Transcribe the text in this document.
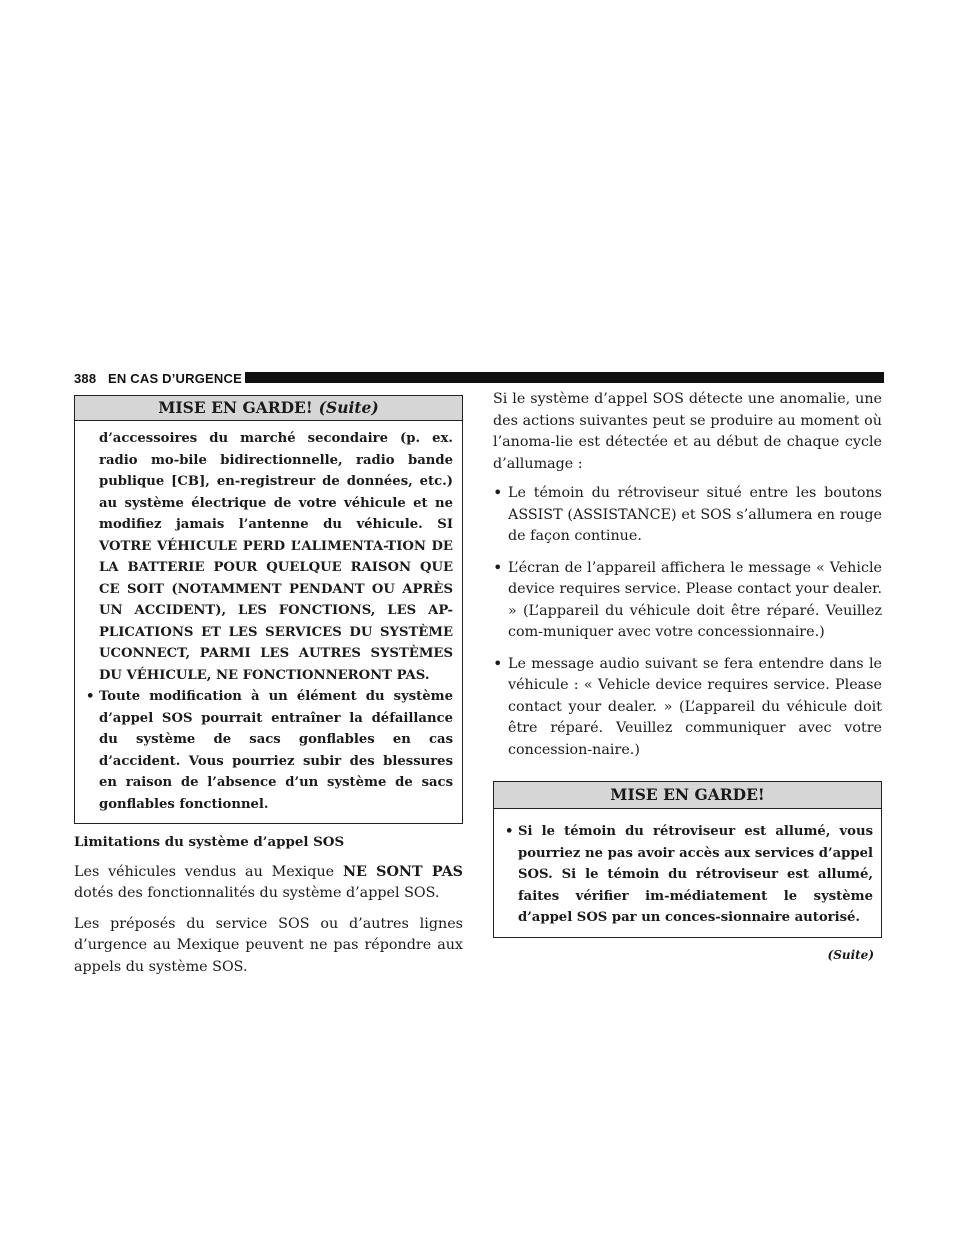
388 EN CAS D’URGENCE
MISE EN GARDE! (Suite)
d’accessoires du marché secondaire (p. ex. radio mo-bile bidirectionnelle, radio bande publique [CB], en-registreur de données, etc.) au système électrique de votre véhicule et ne modifiez jamais l’antenne du véhicule. SI VOTRE VÉHICULE PERD L’ALIMENTA-TION DE LA BATTERIE POUR QUELQUE RAISON QUE CE SOIT (NOTAMMENT PENDANT OU APRÈS UN ACCIDENT), LES FONCTIONS, LES AP-PLICATIONS ET LES SERVICES DU SYSTÈME UCONNECT, PARMI LES AUTRES SYSTÈMES DU VÉHICULE, NE FONCTIONNERONT PAS.
• Toute modification à un élément du système d’appel SOS pourrait entraîner la défaillance du système de sacs gonflables en cas d’accident. Vous pourriez subir des blessures en raison de l’absence d’un système de sacs gonflables fonctionnel.
Limitations du système d’appel SOS

Les véhicules vendus au Mexique NE SONT PAS dotés des fonctionnalités du système d’appel SOS.

Les préposés du service SOS ou d’autres lignes d’urgence au Mexique peuvent ne pas répondre aux appels du système SOS.

Si le système d’appel SOS détecte une anomalie, une des actions suivantes peut se produire au moment où l’anoma-lie est détectée et au début de chaque cycle d’allumage :

• Le témoin du rétroviseur situé entre les boutons ASSIST (ASSISTANCE) et SOS s’allumera en rouge de façon continue.

• L’écran de l’appareil affichera le message « Vehicle device requires service. Please contact your dealer. » (L’appareil du véhicule doit être réparé. Veuillez com-muniquer avec votre concessionnaire.)

• Le message audio suivant se fera entendre dans le véhicule : « Vehicle device requires service. Please contact your dealer. » (L’appareil du véhicule doit être réparé. Veuillez communiquer avec votre concession-naire.)

MISE EN GARDE!
• Si le témoin du rétroviseur est allumé, vous pourriez ne pas avoir accès aux services d’appel SOS. Si le témoin du rétroviseur est allumé, faites vérifier im-médiatement le système d’appel SOS par un conces-sionnaire autorisé.
(Suite)
